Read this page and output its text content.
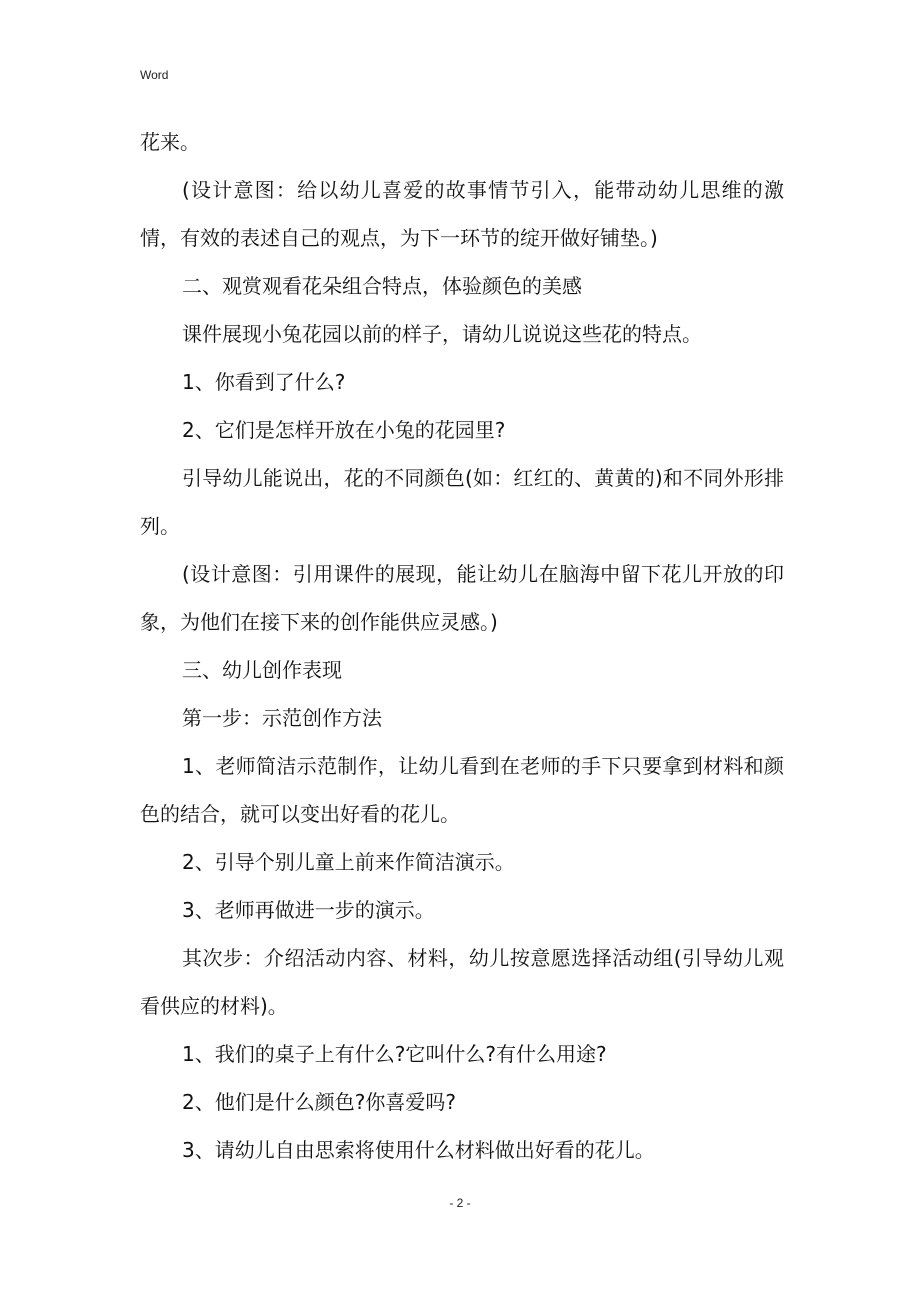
Word

花来。

(设计意图：给以幼儿喜爱的故事情节引入，能带动幼儿思维的激情，有效的表述自己的观点，为下一环节的绽开做好铺垫。)

二、观赏观看花朵组合特点，体验颜色的美感

课件展现小兔花园以前的样子，请幼儿说说这些花的特点。

1、你看到了什么?

2、它们是怎样开放在小兔的花园里?

引导幼儿能说出，花的不同颜色(如：红红的、黄黄的)和不同外形排列。

(设计意图：引用课件的展现，能让幼儿在脑海中留下花儿开放的印象，为他们在接下来的创作能供应灵感。)

三、幼儿创作表现

第一步：示范创作方法

1、老师简洁示范制作，让幼儿看到在老师的手下只要拿到材料和颜色的结合，就可以变出好看的花儿。

2、引导个别儿童上前来作简洁演示。

3、老师再做进一步的演示。

其次步：介绍活动内容、材料，幼儿按意愿选择活动组(引导幼儿观看供应的材料)。

1、我们的桌子上有什么?它叫什么?有什么用途?

2、他们是什么颜色?你喜爱吗?

3、请幼儿自由思索将使用什么材料做出好看的花儿。

- 2 -
